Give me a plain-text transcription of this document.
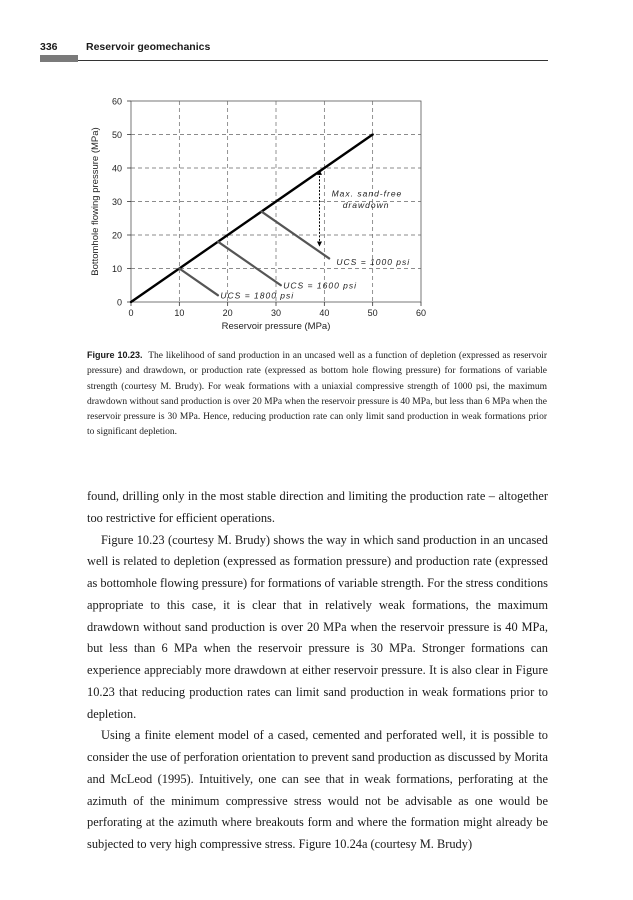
336	Reservoir geomechanics
0
10
20
30
40
50
60
0	10	20	30	40	50	60
Reservoir pressure (MPa)
Bottomhole flowing pressure (MPa)	Max. sand-free
drawdown
UCS = 1000 psi
UCS = 1600 psi
UCS = 1800 psi
Figure 10.23. The likelihood of sand production in an uncased well as a function of depletion (expressed as reservoir pressure) and drawdown, or production rate (expressed as bottom hole flowing pressure) for formations of variable strength (courtesy M. Brudy). For weak formations with a uniaxial compressive strength of 1000 psi, the maximum drawdown without sand production is over 20 MPa when the reservoir pressure is 40 MPa, but less than 6 MPa when the reservoir pressure is 30 MPa. Hence, reducing production rate can only limit sand production in weak formations prior to significant depletion.

found, drilling only in the most stable direction and limiting the production rate – altogether too restrictive for efficient operations.

Figure 10.23 (courtesy M. Brudy) shows the way in which sand production in an uncased well is related to depletion (expressed as formation pressure) and production rate (expressed as bottomhole flowing pressure) for formations of variable strength. For the stress conditions appropriate to this case, it is clear that in relatively weak formations, the maximum drawdown without sand production is over 20 MPa when the reservoir pressure is 40 MPa, but less than 6 MPa when the reservoir pressure is 30 MPa. Stronger formations can experience appreciably more drawdown at either reservoir pressure. It is also clear in Figure 10.23 that reducing production rates can limit sand production in weak formations prior to depletion.

Using a finite element model of a cased, cemented and perforated well, it is possible to consider the use of perforation orientation to prevent sand production as discussed by Morita and McLeod (1995). Intuitively, one can see that in weak formations, perforating at the azimuth of the minimum compressive stress would not be advisable as one would be perforating at the azimuth where breakouts form and where the formation might already be subjected to very high compressive stress. Figure 10.24a (courtesy M. Brudy)
